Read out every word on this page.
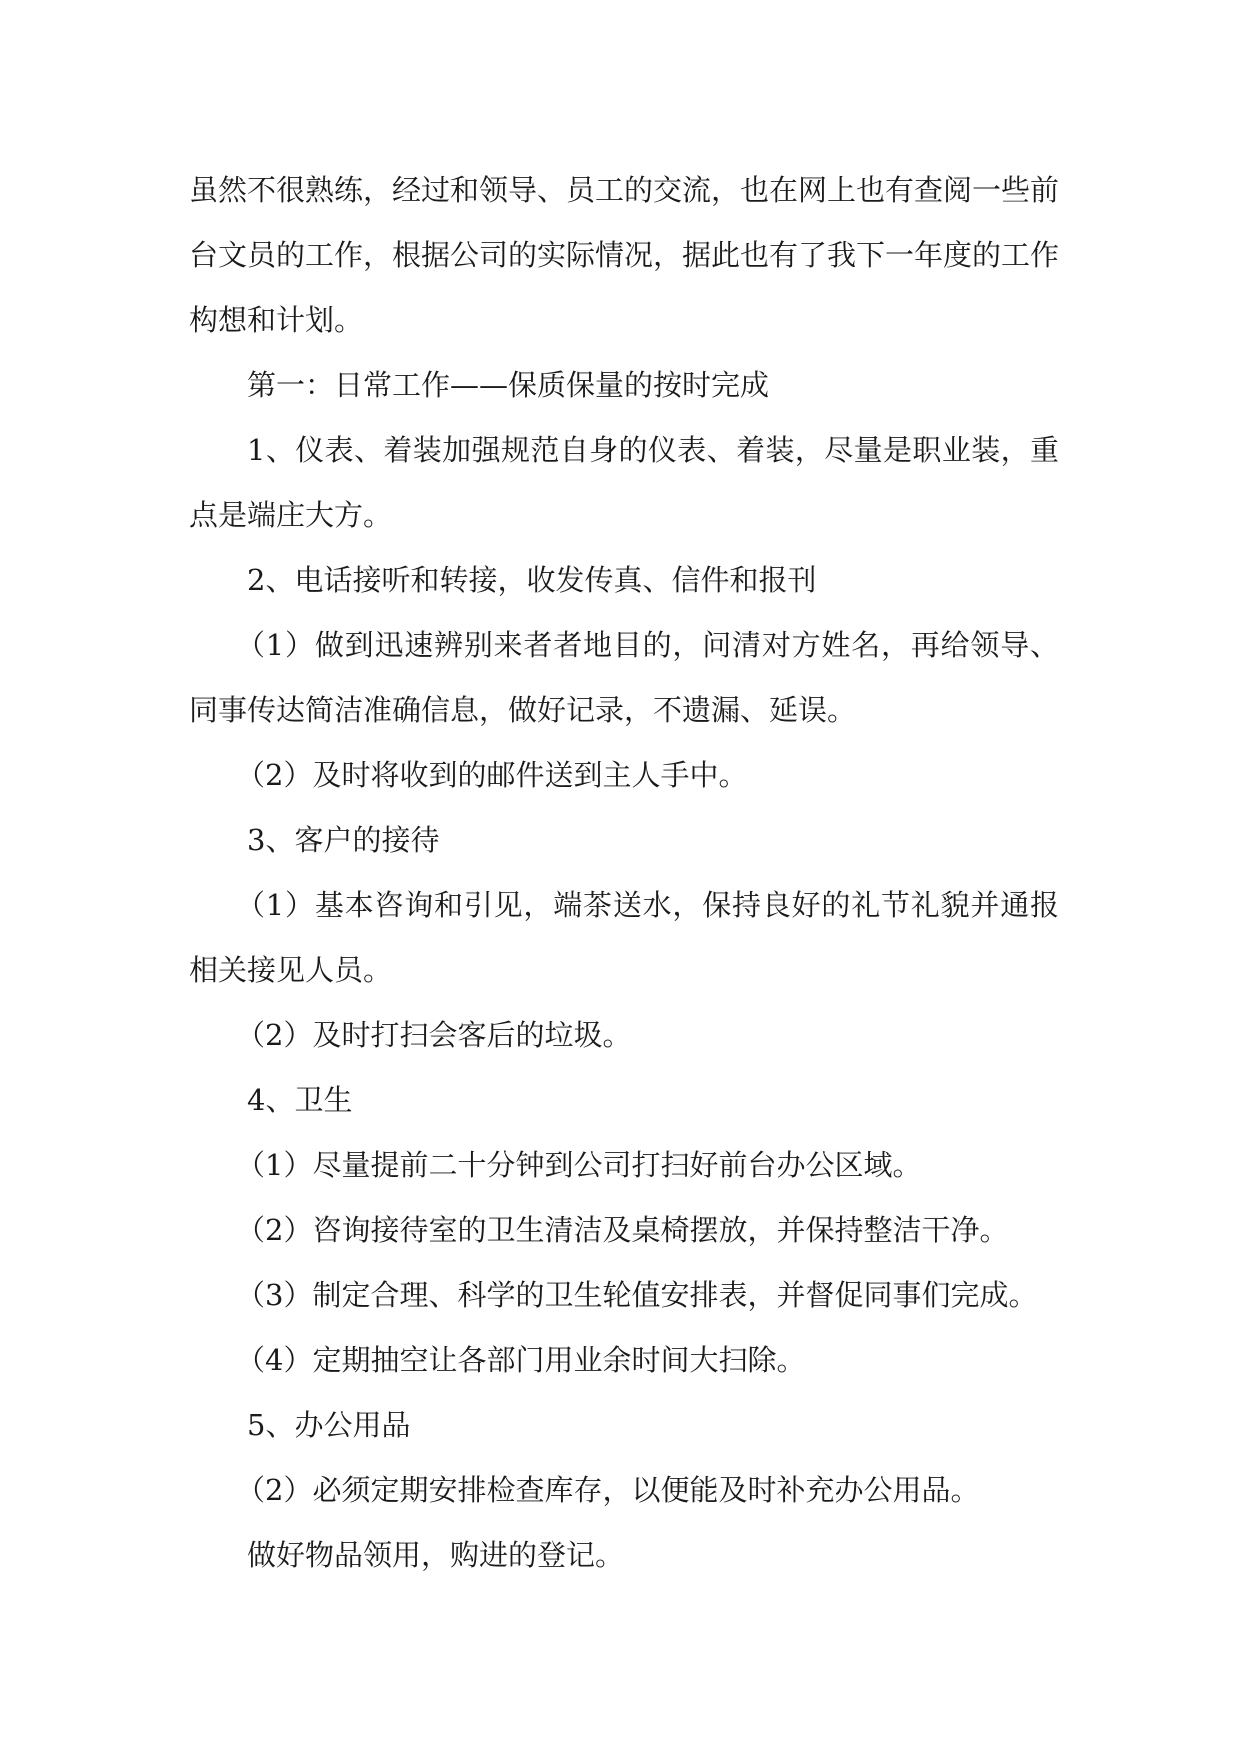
虽然不很熟练，经过和领导、员工的交流，也在网上也有查阅一些前
台文员的工作，根据公司的实际情况，据此也有了我下一年度的工作
构想和计划。

第一：日常工作——保质保量的按时完成

1、仪表、着装加强规范自身的仪表、着装，尽量是职业装，重
点是端庄大方。

2、电话接听和转接，收发传真、信件和报刊

（1）做到迅速辨别来者者地目的，问清对方姓名，再给领导、
同事传达简洁准确信息，做好记录，不遗漏、延误。

（2）及时将收到的邮件送到主人手中。

3、客户的接待

（1）基本咨询和引见，端茶送水，保持良好的礼节礼貌并通报
相关接见人员。

（2）及时打扫会客后的垃圾。

4、卫生

（1）尽量提前二十分钟到公司打扫好前台办公区域。

（2）咨询接待室的卫生清洁及桌椅摆放，并保持整洁干净。

（3）制定合理、科学的卫生轮值安排表，并督促同事们完成。

（4）定期抽空让各部门用业余时间大扫除。

5、办公用品

（2）必须定期安排检查库存，以便能及时补充办公用品。

做好物品领用，购进的登记。
